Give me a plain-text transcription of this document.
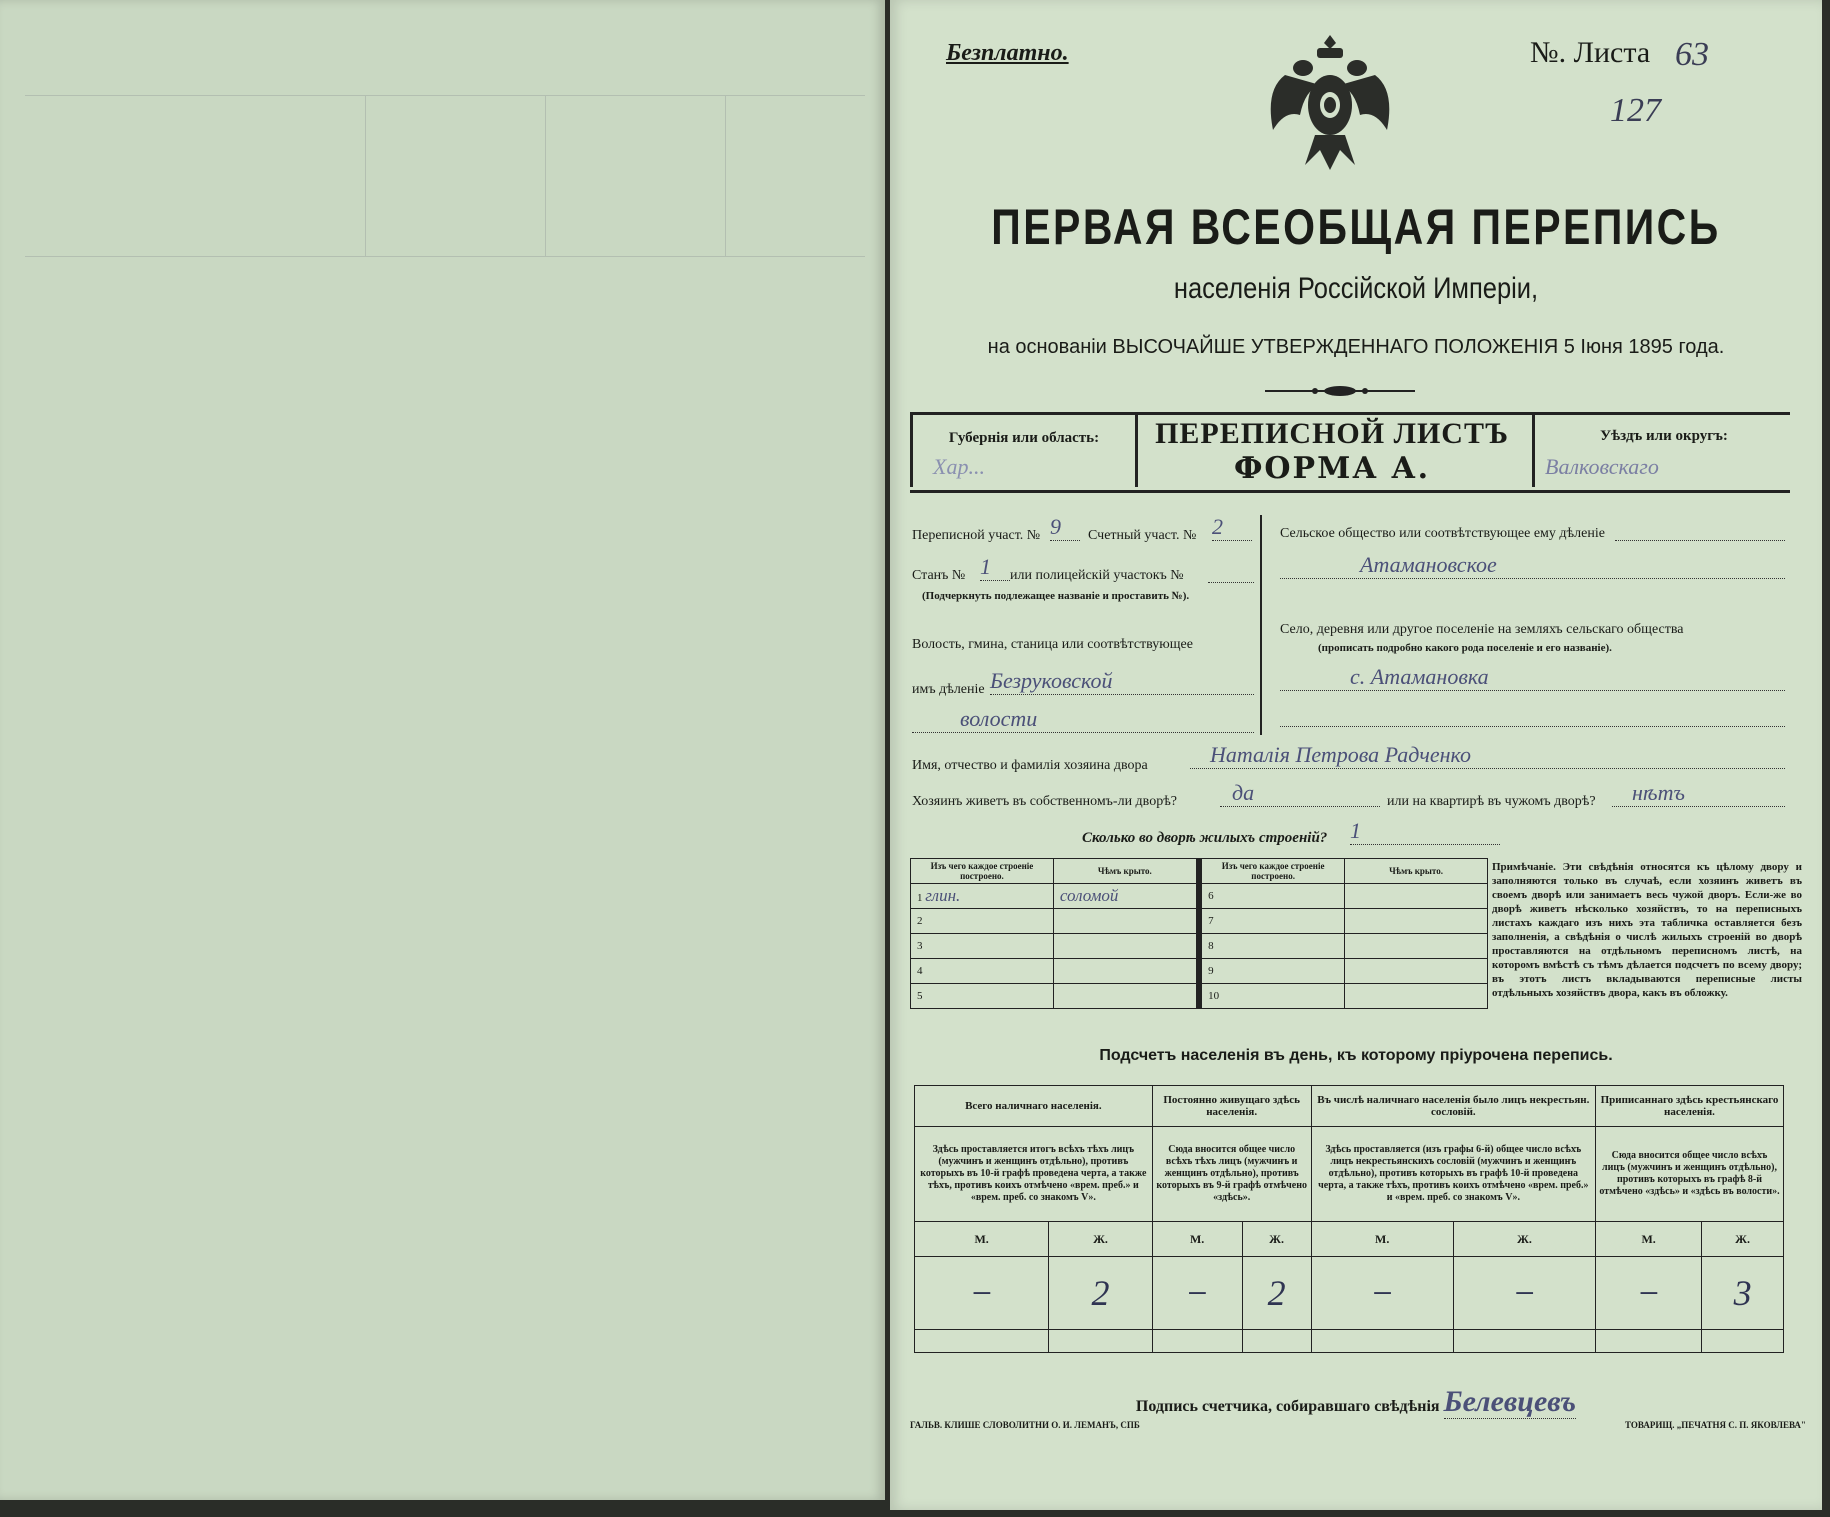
Безплатно.	№. Листа 63
127
ПЕРВАЯ ВСЕОБЩАЯ ПЕРЕПИСЬ
населенія Россійской Имперіи,
на основаніи ВЫСОЧАЙШЕ УТВЕРЖДЕННАГО ПОЛОЖЕНІЯ 5 Іюня 1895 года.
Губернія или область:
Хар...
ПЕРЕПИСНОЙ ЛИСТЪ
ФОРМА А.
Уѣздъ или округъ:
Валковскаго
Переписной участ. № 9	Счетный участ. № 2
Станъ № 1	или полицейскій участокъ №
(Подчеркнуть подлежащее названіе и проставить №).
Волость, гмина, станица или соотвѣтствующее
имъ дѣленіе Безруковской
волости
Сельское общество или соотвѣтствующее ему дѣленіе
Атамановское
Село, деревня или другое поселеніе на земляхъ сельскаго общества
(прописать подробно какого рода поселеніе и его названіе).
с. Атамановка
Имя, отчество и фамилія хозяина двора	Наталія Петрова Радченко
Хозяинъ живетъ въ собственномъ-ли дворѣ?	да	или на квартирѣ въ чужомъ дворѣ?	нѣтъ
Сколько во дворѣ жилыхъ строеній? 1
Изъ чего каждое строеніе построено.	Чѣмъ крыто.		Изъ чего каждое строеніе построено.	Чѣмъ крыто.
1 глин.	соломой		6	
2			7	
3			8	
4			9	
5			10	
Примѣчаніе. Эти свѣдѣнія относятся къ цѣлому двору и заполняются только въ случаѣ, если хозяинъ живетъ въ своемъ дворѣ или занимаетъ весь чужой дворъ. Если-же во дворѣ живетъ нѣсколько хозяйствъ, то на переписныхъ листахъ каждаго изъ нихъ эта табличка оставляется безъ заполненія, а свѣдѣнія о числѣ жилыхъ строеній во дворѣ проставляются на отдѣльномъ переписномъ листѣ, на которомъ вмѣстѣ съ тѣмъ дѣлается подсчетъ по всему двору; въ этотъ листъ вкладываются переписные листы отдѣльныхъ хозяйствъ двора, какъ въ обложку.
Подсчетъ населенія въ день, къ которому пріурочена перепись.
Всего наличнаго населенія.		Постоянно живущаго здѣсь населенія.		Въ числѣ наличнаго населенія было лицъ некрестьян. сословій.		Приписаннаго здѣсь крестьянскаго населенія.	
Здѣсь проставляется итогъ всѣхъ тѣхъ лицъ (мужчинъ и женщинъ отдѣльно), противъ которыхъ въ 10-й графѣ проведена черта, а также тѣхъ, противъ коихъ отмѣчено «врем. преб.» и «врем. преб. со знакомъ V».		Сюда вносится общее число всѣхъ тѣхъ лицъ (мужчинъ и женщинъ отдѣльно), противъ которыхъ въ 9-й графѣ отмѣчено «здѣсь».		Здѣсь проставляется (изъ графы 6-й) общее число всѣхъ лицъ некрестьянскихъ сословій (мужчинъ и женщинъ отдѣльно), противъ которыхъ въ графѣ 10-й проведена черта, а также тѣхъ, противъ коихъ отмѣчено «врем. преб.» и «врем. преб. со знакомъ V».		Сюда вносится общее число всѣхъ лицъ (мужчинъ и женщинъ отдѣльно), противъ которыхъ въ графѣ 8-й отмѣчено «здѣсь» и «здѣсь въ волости».	
М.	Ж.	М.	Ж.	М.	Ж.	М.	Ж.
−	2	−	2	−	−	−	3

Подпись счетчика, собиравшаго свѣдѣнія Белевцевъ
ГАЛЬВ. КЛИШЕ СЛОВОЛИТНИ О. И. ЛЕМАНЪ, СПБ	ТОВАРИЩ. „ПЕЧАТНЯ С. П. ЯКОВЛЕВА"
